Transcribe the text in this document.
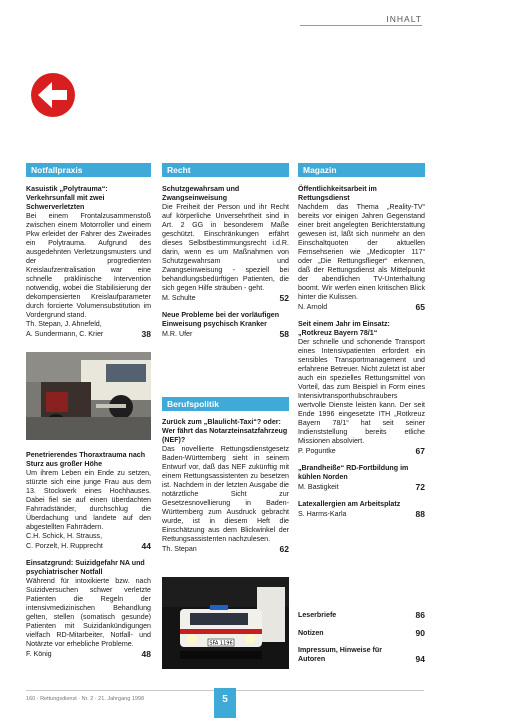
INHALT
Notfallpraxis	Recht	Magazin
Berufspolitik

Kasuistik „Polytrauma“: Verkehrsunfall mit zwei Schwerverletzten

Bei einem Frontalzusammenstoß zwischen einem Motorroller und einem Pkw erleidet der Fahrer des Zweirades ein Polytrauma. Aufgrund des ausgedehnten Verletzungsmusters und der progredienten Kreislaufzentralisation war eine schnelle präklinische Intervention notwendig, wobei die Stabilisierung der dekompensierten Kreislaufparameter durch forcierte Volumensubstitution im Vordergrund stand.

Th. Stepan, J. Ahnefeld,

A. Sundermann, C. Krier	38

Penetrierendes Thoraxtrauma nach Sturz aus großer Höhe

Um ihrem Leben ein Ende zu setzen, stürzte sich eine junge Frau aus dem 13. Stockwerk eines Hochhauses. Dabei fiel sie auf einen überdachten Fahrradständer, durchschlug die Überdachung und landete auf den abgestellten Fahrrädern.

C.H. Schick, H. Strauss,

C. Porzelt, H. Rupprecht	44

Einsatzgrund: Suizidgefahr NA und psychiatrischer Notfall

Während für intoxikierte bzw. nach Suizidversuchen schwer verletzte Patienten die Regeln der intensivmedizinischen Behandlung gelten, stellen (somatisch gesunde) Patienten mit Suizidankündigungen vielfach RD-Mitarbeiter, Notfall- und Notärzte vor erhebliche Probleme.

F. König	48

Schutzgewahrsam und Zwangseinweisung

Die Freiheit der Person und ihr Recht auf körperliche Unversehrtheit sind in Art. 2 GG in besonderem Maße geschützt. Einschränkungen erfährt dieses Selbstbestimmungsrecht i.d.R. darin, wenn es um Maßnahmen von Schutzgewahrsam und Zwangseinweisung - speziell bei behandlungsbedürftigen Patienten, die sich gegen Hilfe sträuben - geht.

M. Schulte	52

Neue Probleme bei der vorläufigen Einweisung psychisch Kranker

M.R. Ufer	58

Zurück zum „Blaulicht-Taxi“? oder: Wer fährt das Notarzteinsatzfahrzeug (NEF)?

Das novellierte Rettungsdienstgesetz Baden-Württemberg sieht in seinem Entwurf vor, daß das NEF zukünftig mit einem Rettungsassistenten zu besetzen ist. Nachdem in der letzten Ausgabe die notärztliche Sicht zur Gesetzesnovellierung in Baden-Württemberg zum Ausdruck gebracht wurde, ist in diesem Heft die Einschätzung aus dem Blickwinkel der Rettungsassistenten nachzulesen.

Th. Stepan	62
SFA 1196

Öffentlichkeitsarbeit im Rettungsdienst

Nachdem das Thema „Reality-TV“ bereits vor einigen Jahren Gegenstand einer breit angelegten Berichterstattung gewesen ist, läßt sich nunmehr an den Einschaltquoten der aktuellen Fernsehserien wie „Medicopter 117“ oder „Die Rettungsflieger“ erkennen, daß der Rettungsdienst als Mittelpunkt der abendlichen TV-Unterhaltung boomt. Wir werfen einen kritischen Blick hinter die Kulissen.

N. Arnold	65

Seit einem Jahr im Einsatz: „Rotkreuz Bayern 78/1“

Der schnelle und schonende Transport eines Intensivpatienten erfordert ein sensibles Transportmanagement und erfahrene Betreuer. Nicht zuletzt ist aber auch ein spezielles Rettungsmittel von Vorteil, das zum Beispiel in Form eines Intensivtransporthubschraubers wertvolle Dienste leisten kann. Der seit Ende 1996 eingesetzte ITH „Rotkreuz Bayern 78/1“ hat seit seiner Indienststellung bereits etliche Missionen absolviert.

P. Poguntke	67

„Brandheiße“ RD-Fortbildung im kühlen Norden

M. Bastigkeit	72

Latexallergien am Arbeitsplatz

S. Harms-Karla	88
Leserbriefe	86
Notizen	90
Impressum, Hinweise für Autoren	94
160 · Rettungsdienst · Nr. 2 · 21. Jahrgang 1998	5
